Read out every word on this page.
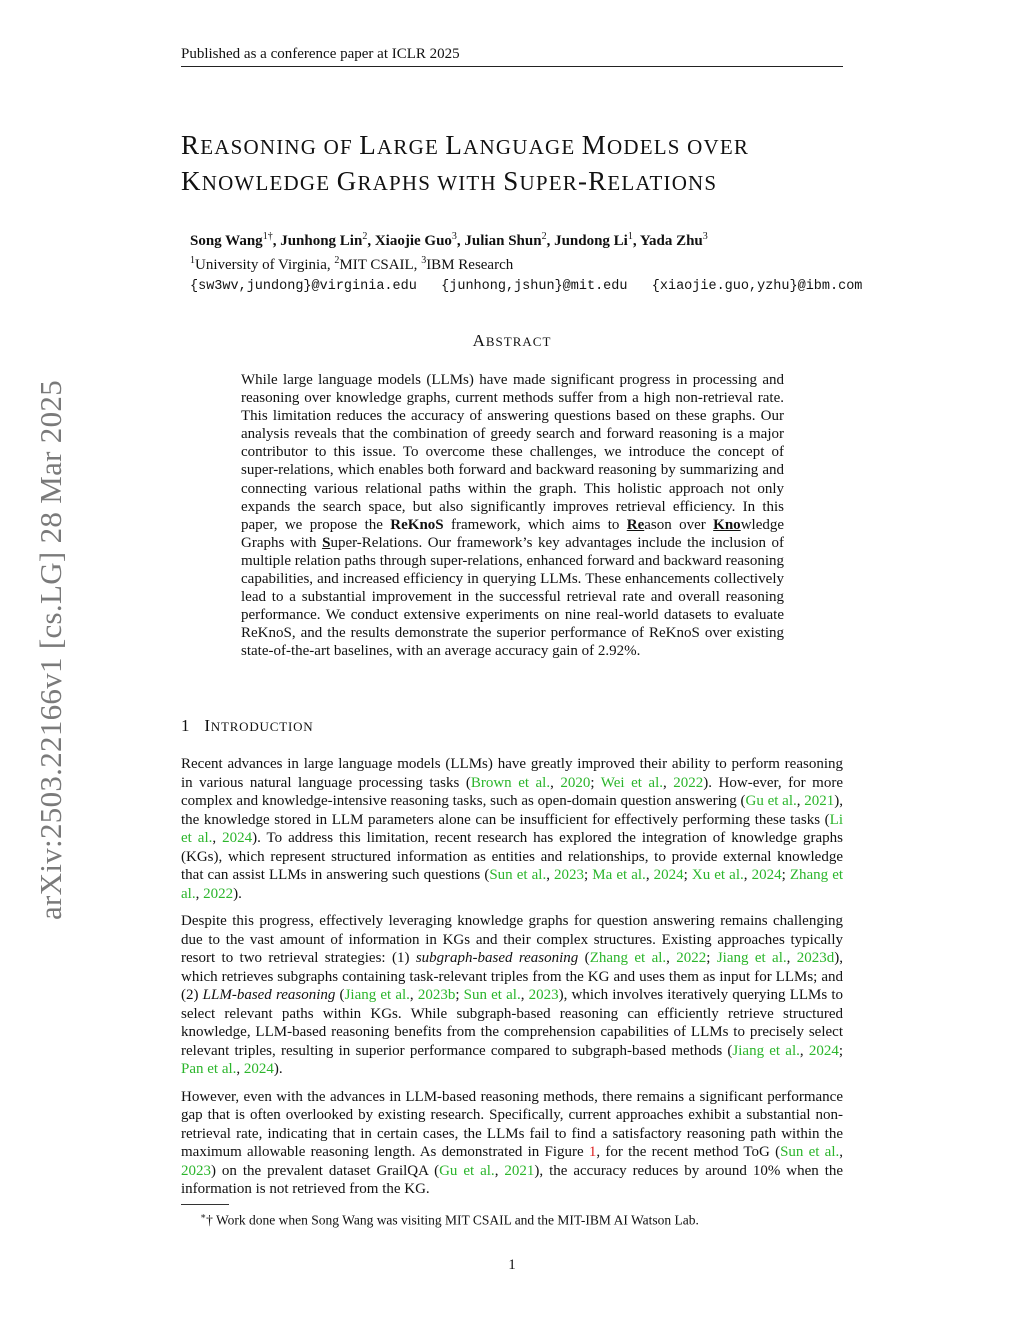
Published as a conference paper at ICLR 2025
arXiv:2503.22166v1 [cs.LG] 28 Mar 2025
REASONING OF LARGE LANGUAGE MODELS OVER
KNOWLEDGE GRAPHS WITH SUPER-RELATIONS
Song Wang$^{1\dagger}$, Junhong Lin$^2$, Xiaojie Guo$^3$, Julian Shun$^2$, Jundong Li$^1$, Yada Zhu$^3$
$^1$University of Virginia, $^2$MIT CSAIL, $^3$IBM Research
{sw3wv,jundong}@virginia.edu   {junhong,jshun}@mit.edu   {xiaojie.guo,yzhu}@ibm.com
ABSTRACT

While large language models (LLMs) have made significant progress in processing and reasoning over knowledge graphs, current methods suffer from a high non-retrieval rate. This limitation reduces the accuracy of answering questions based on these graphs. Our analysis reveals that the combination of greedy search and forward reasoning is a major contributor to this issue. To overcome these challenges, we introduce the concept of super-relations, which enables both forward and backward reasoning by summarizing and connecting various relational paths within the graph. This holistic approach not only expands the search space, but also significantly improves retrieval efficiency. In this paper, we propose the ReKnoS framework, which aims to Reason over Knowledge Graphs with Super-Relations. Our framework’s key advantages include the inclusion of multiple relation paths through super-relations, enhanced forward and backward reasoning capabilities, and increased efficiency in querying LLMs. These enhancements collectively lead to a substantial improvement in the successful retrieval rate and overall reasoning performance. We conduct extensive experiments on nine real-world datasets to evaluate ReKnoS, and the results demonstrate the superior performance of ReKnoS over existing state-of-the-art baselines, with an average accuracy gain of 2.92%.

1 INTRODUCTION

Recent advances in large language models (LLMs) have greatly improved their ability to perform reasoning in various natural language processing tasks (Brown et al., 2020; Wei et al., 2022). How-ever, for more complex and knowledge-intensive reasoning tasks, such as open-domain question answering (Gu et al., 2021), the knowledge stored in LLM parameters alone can be insufficient for effectively performing these tasks (Li et al., 2024). To address this limitation, recent research has explored the integration of knowledge graphs (KGs), which represent structured information as entities and relationships, to provide external knowledge that can assist LLMs in answering such questions (Sun et al., 2023; Ma et al., 2024; Xu et al., 2024; Zhang et al., 2022).

Despite this progress, effectively leveraging knowledge graphs for question answering remains challenging due to the vast amount of information in KGs and their complex structures. Existing approaches typically resort to two retrieval strategies: (1) subgraph-based reasoning (Zhang et al., 2022; Jiang et al., 2023d), which retrieves subgraphs containing task-relevant triples from the KG and uses them as input for LLMs; and (2) LLM-based reasoning (Jiang et al., 2023b; Sun et al., 2023), which involves iteratively querying LLMs to select relevant paths within KGs. While subgraph-based reasoning can efficiently retrieve structured knowledge, LLM-based reasoning benefits from the comprehension capabilities of LLMs to precisely select relevant triples, resulting in superior performance compared to subgraph-based methods (Jiang et al., 2024; Pan et al., 2024).

However, even with the advances in LLM-based reasoning methods, there remains a significant performance gap that is often overlooked by existing research. Specifically, current approaches exhibit a substantial non-retrieval rate, indicating that in certain cases, the LLMs fail to find a satisfactory reasoning path within the maximum allowable reasoning length. As demonstrated in Figure 1, for the recent method ToG (Sun et al., 2023) on the prevalent dataset GrailQA (Gu et al., 2021), the accuracy reduces by around 10% when the information is not retrieved from the KG.

∗† Work done when Song Wang was visiting MIT CSAIL and the MIT-IBM AI Watson Lab.
1
